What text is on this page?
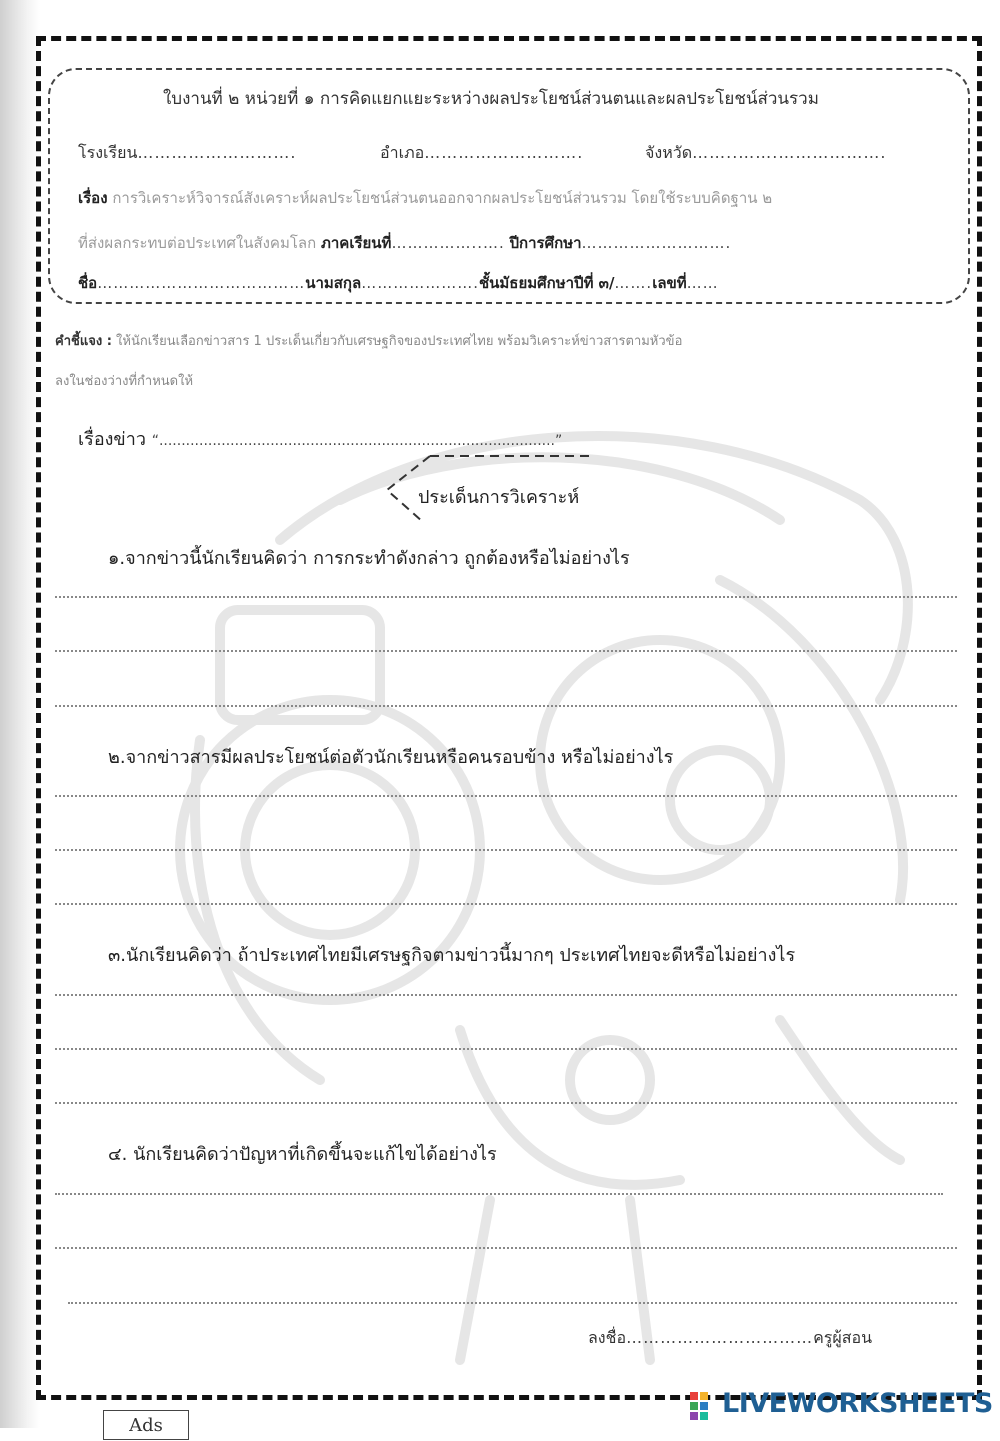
ใบงานที่ ๒ หน่วยที่ ๑ การคิดแยกแยะระหว่างผลประโยชน์ส่วนตนและผลประโยชน์ส่วนรวม
โรงเรียน……………………….	อำเภอ……………………….	จังหวัด……..…….……………….
เรื่อง การวิเคราะห์วิจารณ์สังเคราะห์ผลประโยชน์ส่วนตนออกจากผลประโยชน์ส่วนรวม โดยใช้ระบบคิดฐาน ๒
ที่ส่งผลกระทบต่อประเทศในสังคมโลก ภาคเรียนที่……………..…. ปีการศึกษา……………………….
ชื่อ…………………………………นามสกุล………………….ชั้นมัธยมศึกษาปีที่ ๓/…….เลขที่……
คำชี้แจง : ให้นักเรียนเลือกข่าวสาร 1 ประเด็นเกี่ยวกับเศรษฐกิจของประเทศไทย พร้อมวิเคราะห์ข่าวสารตามหัวข้อ
ลงในช่องว่างที่กำหนดให้
เรื่องข่าว “.........................................................................................”
ประเด็นการวิเคราะห์
๑.จากข่าวนี้นักเรียนคิดว่า การกระทำดังกล่าว ถูกต้องหรือไม่อย่างไร
๒.จากข่าวสารมีผลประโยชน์ต่อตัวนักเรียนหรือคนรอบข้าง หรือไม่อย่างไร
๓.นักเรียนคิดว่า ถ้าประเทศไทยมีเศรษฐกิจตามข่าวนี้มากๆ ประเทศไทยจะดีหรือไม่อย่างไร
๔. นักเรียนคิดว่าปัญหาที่เกิดขึ้นจะแก้ไขได้อย่างไร
ลงชื่อ……………………………ครูผู้สอน
LIVEWORKSHEETS
Ads
